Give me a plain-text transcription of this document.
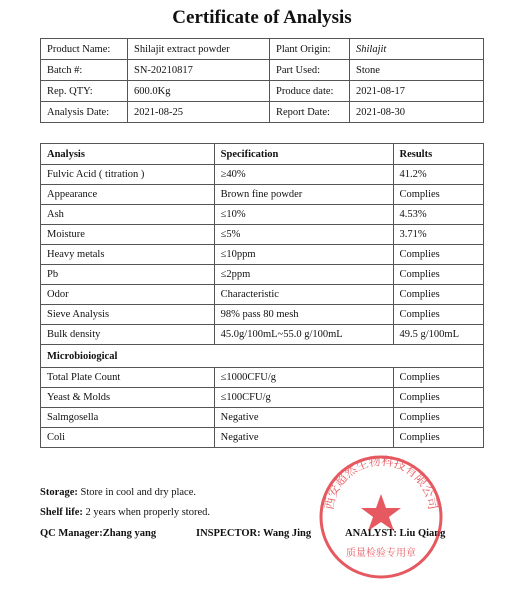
Certificate of Analysis
Product Name:	Shilajit extract powder	Plant Origin:	Shilajit
Batch #:	SN-20210817	Part Used:	Stone
Rep. QTY:	600.0Kg	Produce date:	2021-08-17
Analysis Date:	2021-08-25	Report Date:	2021-08-30
Analysis	Specification	Results
Fulvic Acid ( titration )	≥40%	41.2%
Appearance	Brown fine powder	Complies
Ash	≤10%	4.53%
Moisture	≤5%	3.71%
Heavy metals	≤10ppm	Complies
Pb	≤2ppm	Complies
Odor	Characteristic	Complies
Sieve Analysis	98% pass 80 mesh	Complies
Bulk density	45.0g/100mL~55.0 g/100mL	49.5 g/100mL
Microbioiogical		
Total Plate Count	≤1000CFU/g	Complies
Yeast & Molds	≤100CFU/g	Complies
Salmgosella	Negative	Complies
Coli	Negative	Complies
Storage: Store in cool and dry place.
Shelf life: 2 years when properly stored.
QC Manager:Zhang yang	INSPECTOR: Wang Jing	ANALYST: Liu Qiang
西安超然生物科技有限公司
质量检验专用章
